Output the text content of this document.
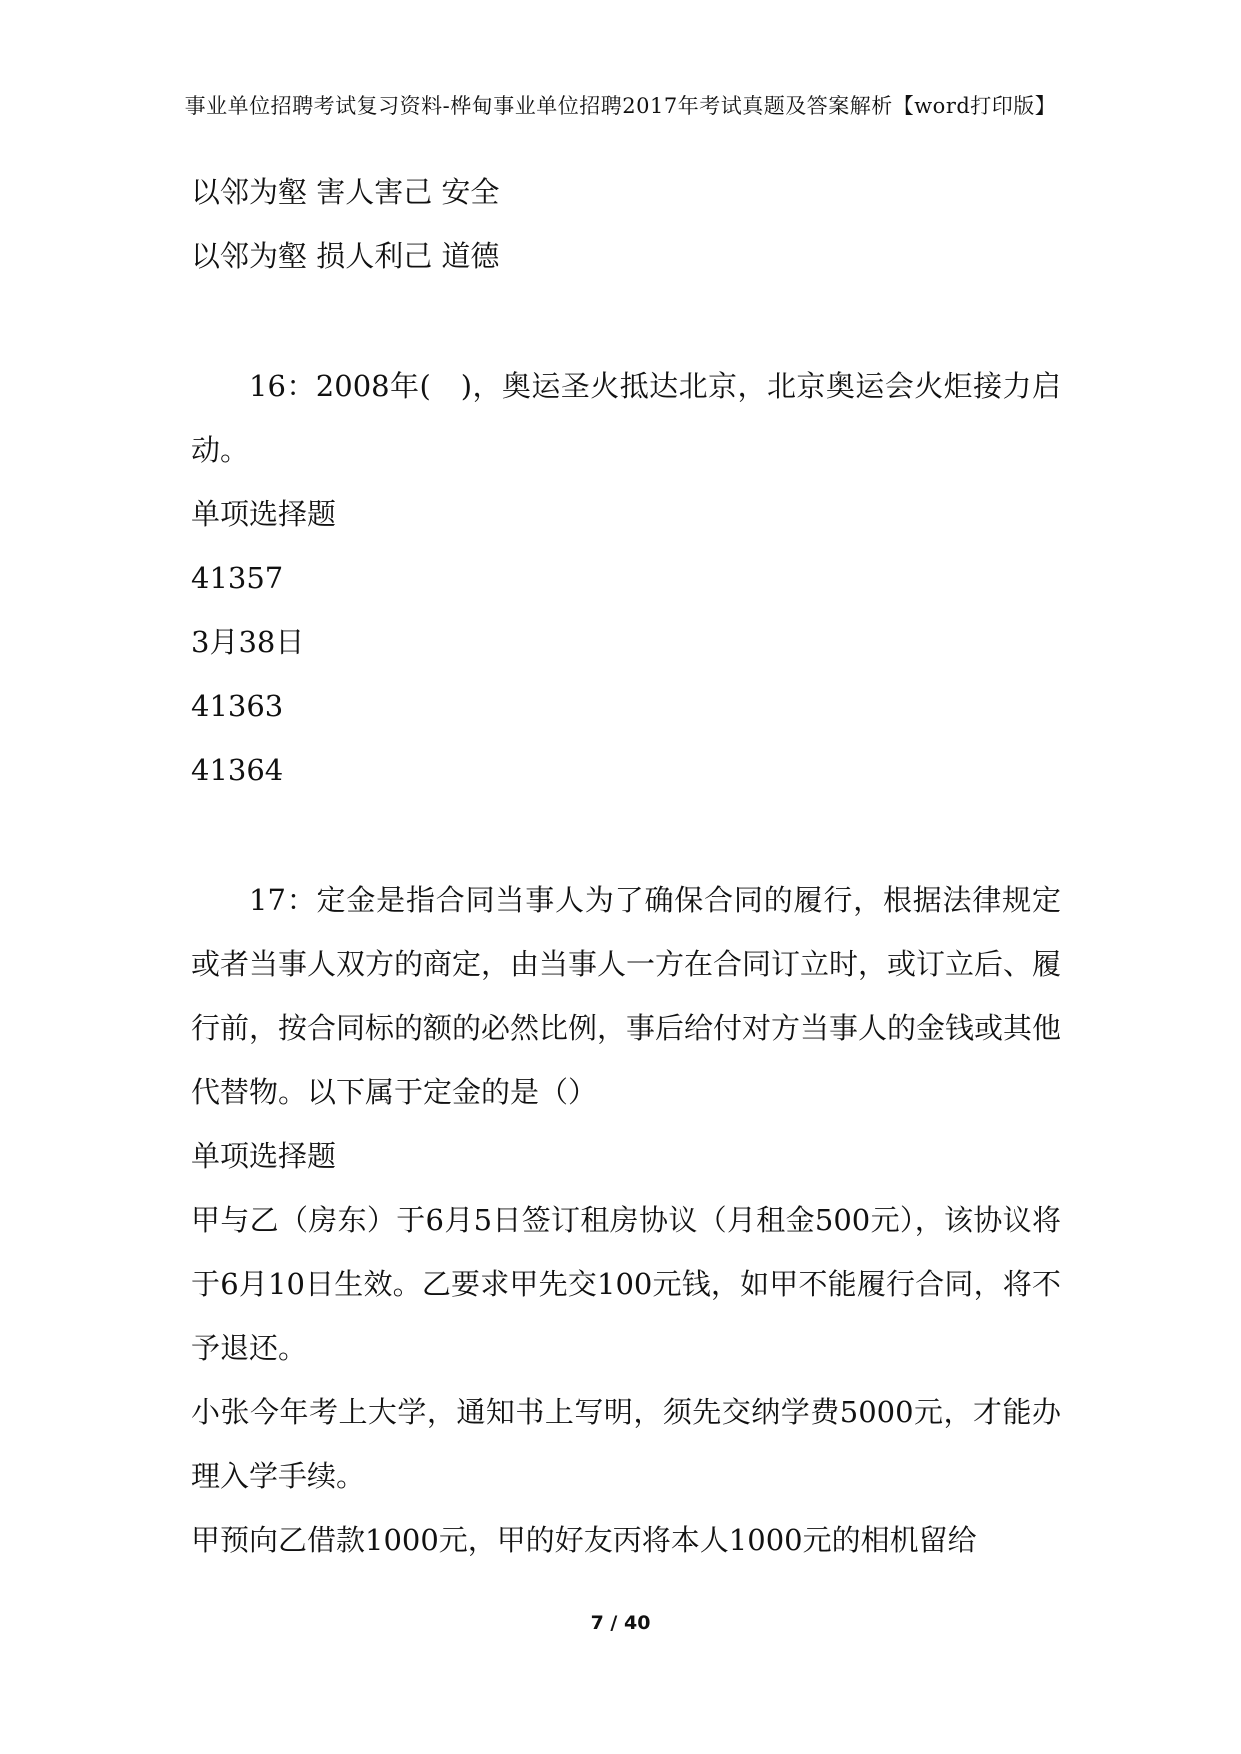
事业单位招聘考试复习资料-桦甸事业单位招聘2017年考试真题及答案解析【word打印版】
以邻为壑 害人害己 安全
以邻为壑 损人利己 道德
16：2008年(　)，奥运圣火抵达北京，北京奥运会火炬接力启动。
单项选择题
41357
3月38日
41363
41364
17：定金是指合同当事人为了确保合同的履行，根据法律规定或者当事人双方的商定，由当事人一方在合同订立时，或订立后、履行前，按合同标的额的必然比例，事后给付对方当事人的金钱或其他代替物。以下属于定金的是（）
单项选择题
甲与乙（房东）于6月5日签订租房协议（月租金500元），该协议将于6月10日生效。乙要求甲先交100元钱，如甲不能履行合同，将不予退还。
小张今年考上大学，通知书上写明，须先交纳学费5000元，才能办理入学手续。
甲预向乙借款1000元，甲的好友丙将本人1000元的相机留给
7 / 40
